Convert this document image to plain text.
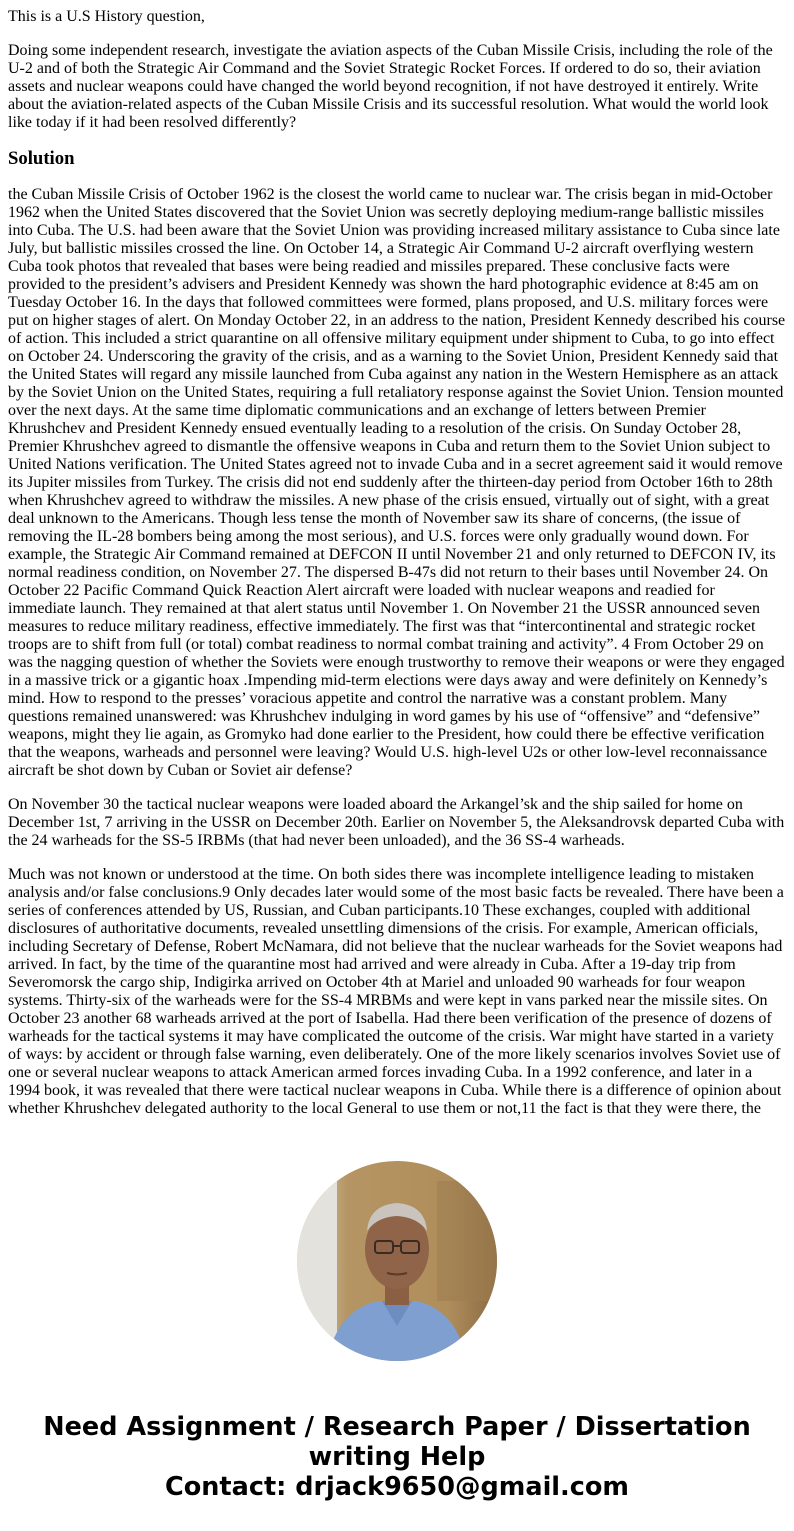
This is a U.S History question,

Doing some independent research, investigate the aviation aspects of the Cuban Missile Crisis, including the role of the U-2 and of both the Strategic Air Command and the Soviet Strategic Rocket Forces. If ordered to do so, their aviation assets and nuclear weapons could have changed the world beyond recognition, if not have destroyed it entirely. Write about the aviation-related aspects of the Cuban Missile Crisis and its successful resolution. What would the world look like today if it had been resolved differently?

Solution

the Cuban Missile Crisis of October 1962 is the closest the world came to nuclear war. The crisis began in mid-October 1962 when the United States discovered that the Soviet Union was secretly deploying medium-range ballistic missiles into Cuba. The U.S. had been aware that the Soviet Union was providing increased military assistance to Cuba since late July, but ballistic missiles crossed the line. On October 14, a Strategic Air Command U-2 aircraft overflying western Cuba took photos that revealed that bases were being readied and missiles prepared. These conclusive facts were provided to the president’s advisers and President Kennedy was shown the hard photographic evidence at 8:45 am on Tuesday October 16. In the days that followed committees were formed, plans proposed, and U.S. military forces were put on higher stages of alert. On Monday October 22, in an address to the nation, President Kennedy described his course of action. This included a strict quarantine on all offensive military equipment under shipment to Cuba, to go into effect on October 24. Underscoring the gravity of the crisis, and as a warning to the Soviet Union, President Kennedy said that the United States will regard any missile launched from Cuba against any nation in the Western Hemisphere as an attack by the Soviet Union on the United States, requiring a full retaliatory response against the Soviet Union. Tension mounted over the next days. At the same time diplomatic communications and an exchange of letters between Premier Khrushchev and President Kennedy ensued eventually leading to a resolution of the crisis. On Sunday October 28, Premier Khrushchev agreed to dismantle the offensive weapons in Cuba and return them to the Soviet Union subject to United Nations verification. The United States agreed not to invade Cuba and in a secret agreement said it would remove its Jupiter missiles from Turkey. The crisis did not end suddenly after the thirteen-day period from October 16th to 28th when Khrushchev agreed to withdraw the missiles. A new phase of the crisis ensued, virtually out of sight, with a great deal unknown to the Americans. Though less tense the month of November saw its share of concerns, (the issue of removing the IL-28 bombers being among the most serious), and U.S. forces were only gradually wound down. For example, the Strategic Air Command remained at DEFCON II until November 21 and only returned to DEFCON IV, its normal readiness condition, on November 27. The dispersed B-47s did not return to their bases until November 24. On October 22 Pacific Command Quick Reaction Alert aircraft were loaded with nuclear weapons and readied for immediate launch. They remained at that alert status until November 1. On November 21 the USSR announced seven measures to reduce military readiness, effective immediately. The first was that “intercontinental and strategic rocket troops are to shift from full (or total) combat readiness to normal combat training and activity”. 4 From October 29 on was the nagging question of whether the Soviets were enough trustworthy to remove their weapons or were they engaged in a massive trick or a gigantic hoax .Impending mid-term elections were days away and were definitely on Kennedy’s mind. How to respond to the presses’ voracious appetite and control the narrative was a constant problem. Many questions remained unanswered: was Khrushchev indulging in word games by his use of “offensive” and “defensive” weapons, might they lie again, as Gromyko had done earlier to the President, how could there be effective verification that the weapons, warheads and personnel were leaving? Would U.S. high-level U2s or other low-level reconnaissance aircraft be shot down by Cuban or Soviet air defense?

On November 30 the tactical nuclear weapons were loaded aboard the Arkangel’sk and the ship sailed for home on December 1st, 7 arriving in the USSR on December 20th. Earlier on November 5, the Aleksandrovsk departed Cuba with the 24 warheads for the SS-5 IRBMs (that had never been unloaded), and the 36 SS-4 warheads.

Much was not known or understood at the time. On both sides there was incomplete intelligence leading to mistaken analysis and/or false conclusions.9 Only decades later would some of the most basic facts be revealed. There have been a series of conferences attended by US, Russian, and Cuban participants.10 These exchanges, coupled with additional disclosures of authoritative documents, revealed unsettling dimensions of the crisis. For example, American officials, including Secretary of Defense, Robert McNamara, did not believe that the nuclear warheads for the Soviet weapons had arrived. In fact, by the time of the quarantine most had arrived and were already in Cuba. After a 19-day trip from Severomorsk the cargo ship, Indigirka arrived on October 4th at Mariel and unloaded 90 warheads for four weapon systems. Thirty-six of the warheads were for the SS-4 MRBMs and were kept in vans parked near the missile sites. On October 23 another 68 warheads arrived at the port of Isabella. Had there been verification of the presence of dozens of warheads for the tactical systems it may have complicated the outcome of the crisis. War might have started in a variety of ways: by accident or through false warning, even deliberately. One of the more likely scenarios involves Soviet use of one or several nuclear weapons to attack American armed forces invading Cuba. In a 1992 conference, and later in a 1994 book, it was revealed that there were tactical nuclear weapons in Cuba. While there is a difference of opinion about whether Khrushchev delegated authority to the local General to use them or not,11 the fact is that they were there, the

Need Assignment / Research Paper / Dissertation writing Help
Contact: drjack9650@gmail.com
